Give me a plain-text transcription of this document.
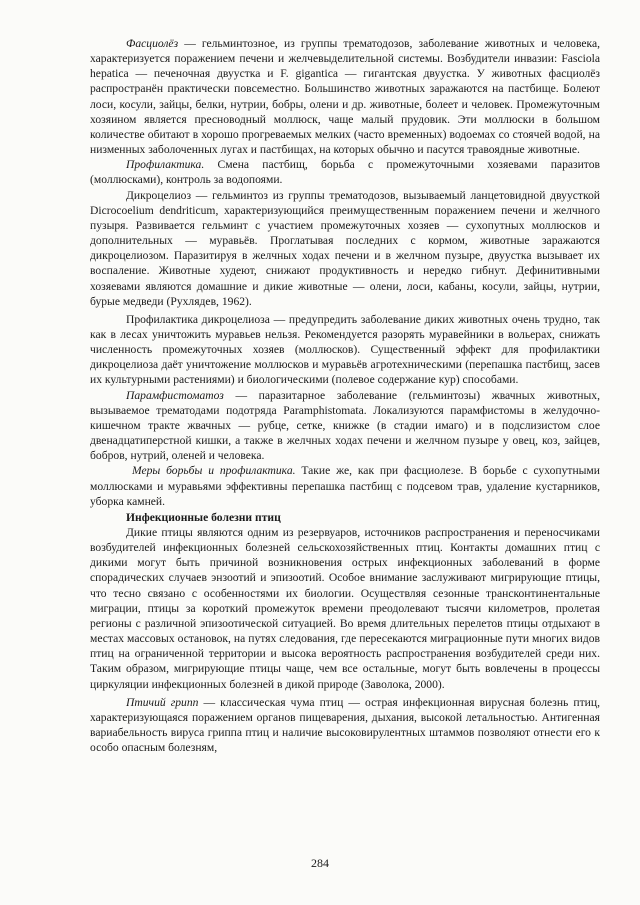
Фасциолёз — гельминтозное, из группы трематодозов, заболевание животных и человека, характеризуется поражением печени и желчевыделительной системы. Возбудители инвазии: Fasciola hepatica — печеночная двуустка и F. gigantica — гигантская двуустка. У животных фасциолёз распространён практически повсеместно. Большинство животных заражаются на пастбище. Болеют лоси, косули, зайцы, белки, нутрии, бобры, олени и др. животные, болеет и человек. Промежуточным хозяином является пресноводный моллюск, чаще малый прудовик. Эти моллюски в большом количестве обитают в хорошо прогреваемых мелких (часто временных) водоемах со стоячей водой, на низменных заболоченных лугах и пастбищах, на которых обычно и пасутся травоядные животные.

Профилактика. Смена пастбищ, борьба с промежуточными хозяевами паразитов (моллюсками), контроль за водопоями.

Дикроцелиоз — гельминтоз из группы трематодозов, вызываемый ланцетовидной двуусткой Dicrocoelium dendriticum, характеризующийся преимущественным поражением печени и желчного пузыря. Развивается гельминт с участием промежуточных хозяев — сухопутных моллюсков и дополнительных — муравьёв. Проглатывая последних с кормом, животные заражаются дикроцелиозом. Паразитируя в желчных ходах печени и в желчном пузыре, двуустка вызывает их воспаление. Животные худеют, снижают продуктивность и нередко гибнут. Дефинитивными хозяевами являются домашние и дикие животные — олени, лоси, кабаны, косули, зайцы, нутрии, бурые медведи (Рухлядев, 1962).

Профилактика дикроцелиоза — предупредить заболевание диких животных очень трудно, так как в лесах уничтожить муравьев нельзя. Рекомендуется разорять муравейники в вольерах, снижать численность промежуточных хозяев (моллюсков). Существенный эффект для профилактики дикроцелиоза даёт уничтожение моллюсков и муравьёв агротехническими (перепашка пастбищ, засев их культурными растениями) и биологическими (полевое содержание кур) способами.

Парамфистоматоз — паразитарное заболевание (гельминтозы) жвачных животных, вызываемое трематодами подотряда Paramphistomata. Локализуются парамфистомы в желудочно-кишечном тракте жвачных — рубце, сетке, книжке (в стадии имаго) и в подслизистом слое двенадцатиперстной кишки, а также в желчных ходах печени и желчном пузыре у овец, коз, зайцев, бобров, нутрий, оленей и человека.

Меры борьбы и профилактика. Такие же, как при фасциолезе. В борьбе с сухопутными моллюсками и муравьями эффективны перепашка пастбищ с подсевом трав, удаление кустарников, уборка камней.

Инфекционные болезни птиц

Дикие птицы являются одним из резервуаров, источников распространения и переносчиками возбудителей инфекционных болезней сельскохозяйственных птиц. Контакты домашних птиц с дикими могут быть причиной возникновения острых инфекционных заболеваний в форме спорадических случаев энзоотий и эпизоотий. Особое внимание заслуживают мигрирующие птицы, что тесно связано с особенностями их биологии. Осуществляя сезонные трансконтинентальные миграции, птицы за короткий промежуток времени преодолевают тысячи километров, пролетая регионы с различной эпизоотической ситуацией. Во время длительных перелетов птицы отдыхают в местах массовых остановок, на путях следования, где пересекаются миграционные пути многих видов птиц на ограниченной территории и высока вероятность распространения возбудителей среди них. Таким образом, мигрирующие птицы чаще, чем все остальные, могут быть вовлечены в процессы циркуляции инфекционных болезней в дикой природе (Заволока, 2000).

Птичий грипп — классическая чума птиц — острая инфекционная вирусная болезнь птиц, характеризующаяся поражением органов пищеварения, дыхания, высокой летальностью. Антигенная вариабельность вируса гриппа птиц и наличие высоковирулентных штаммов позволяют отнести его к особо опасным болезням,

284
